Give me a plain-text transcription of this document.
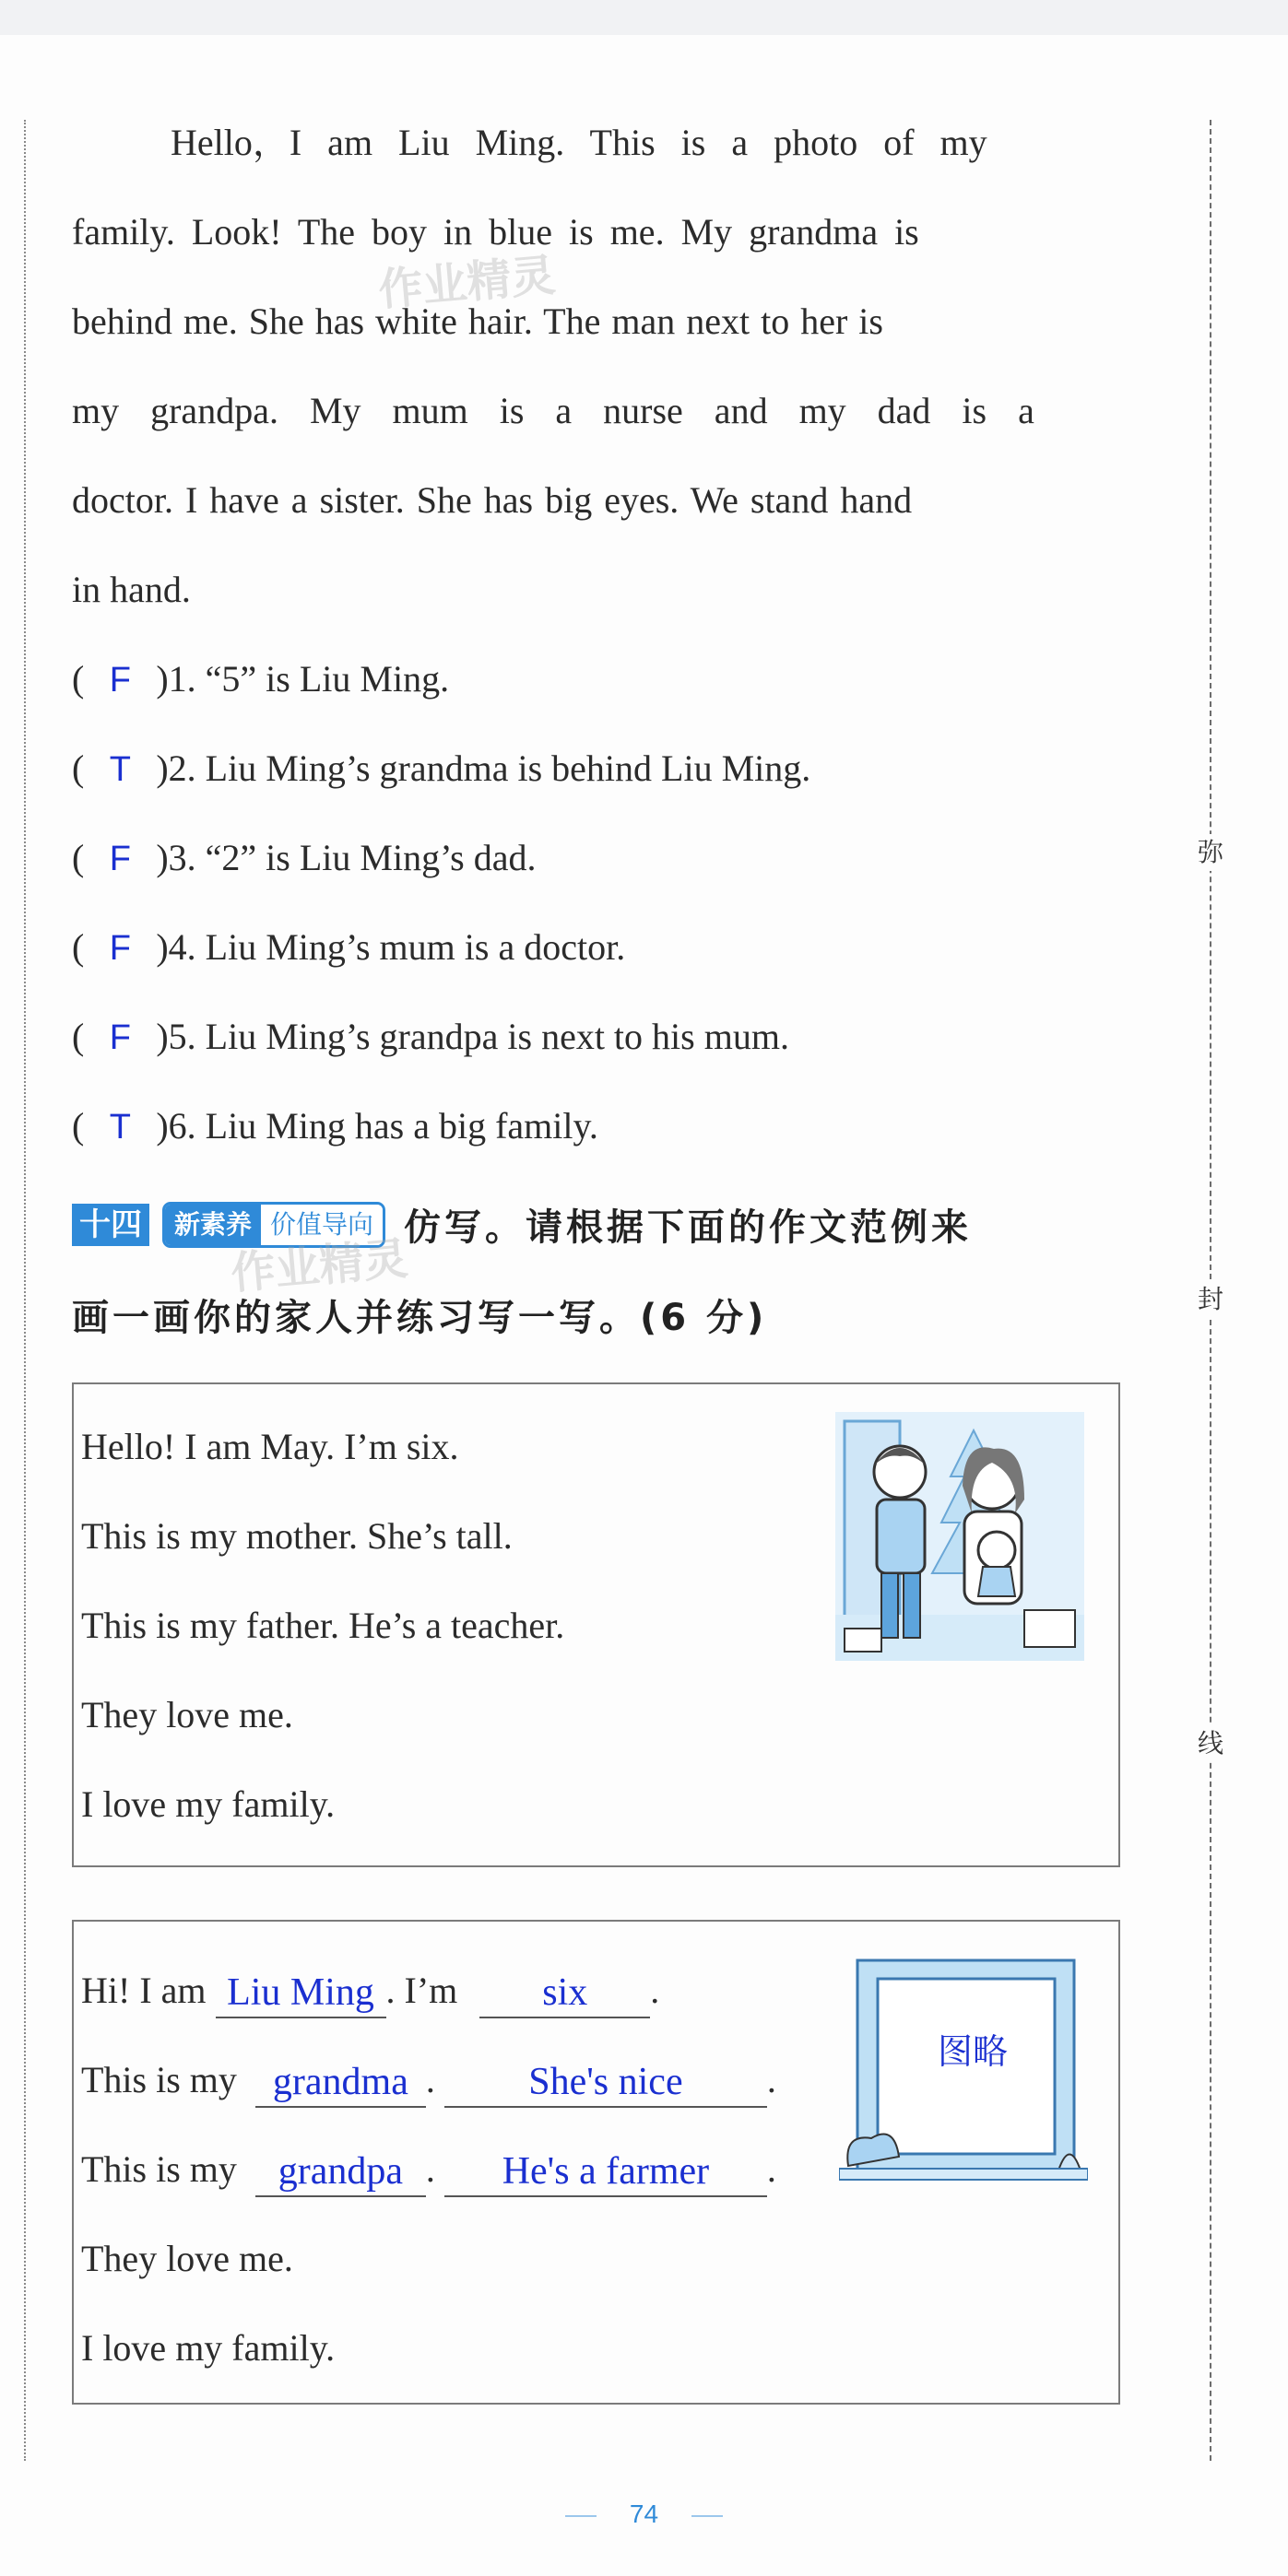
弥
封
线
Hello，I am Liu Ming. This is a photo of my
family. Look! The boy in blue is me. My grandma is
behind me. She has white hair. The man next to her is
my grandpa. My mum is a nurse and my dad is a
doctor. I have a sister. She has big eyes. We stand hand
in hand.
( F )1. “5” is Liu Ming.
( T )2. Liu Ming’s grandma is behind Liu Ming.
( F )3. “2” is Liu Ming’s dad.
( F )4. Liu Ming’s mum is a doctor.
( F )5. Liu Ming’s grandpa is next to his mum.
( T )6. Liu Ming has a big family.
十四 新素养 价值导向 仿写。请根据下面的作文范例来
画一画你的家人并练习写一写。(6 分)
Hello! I am May. I’m six.
This is my mother. She’s tall.
This is my father. He’s a teacher.
They love me.
I love my family.
Hi! I am Liu Ming . I’m six .
This is my grandma . She's nice .
This is my grandpa . He's a farmer .
They love me.
I love my family.
图略
作业精灵
作业精灵
74
